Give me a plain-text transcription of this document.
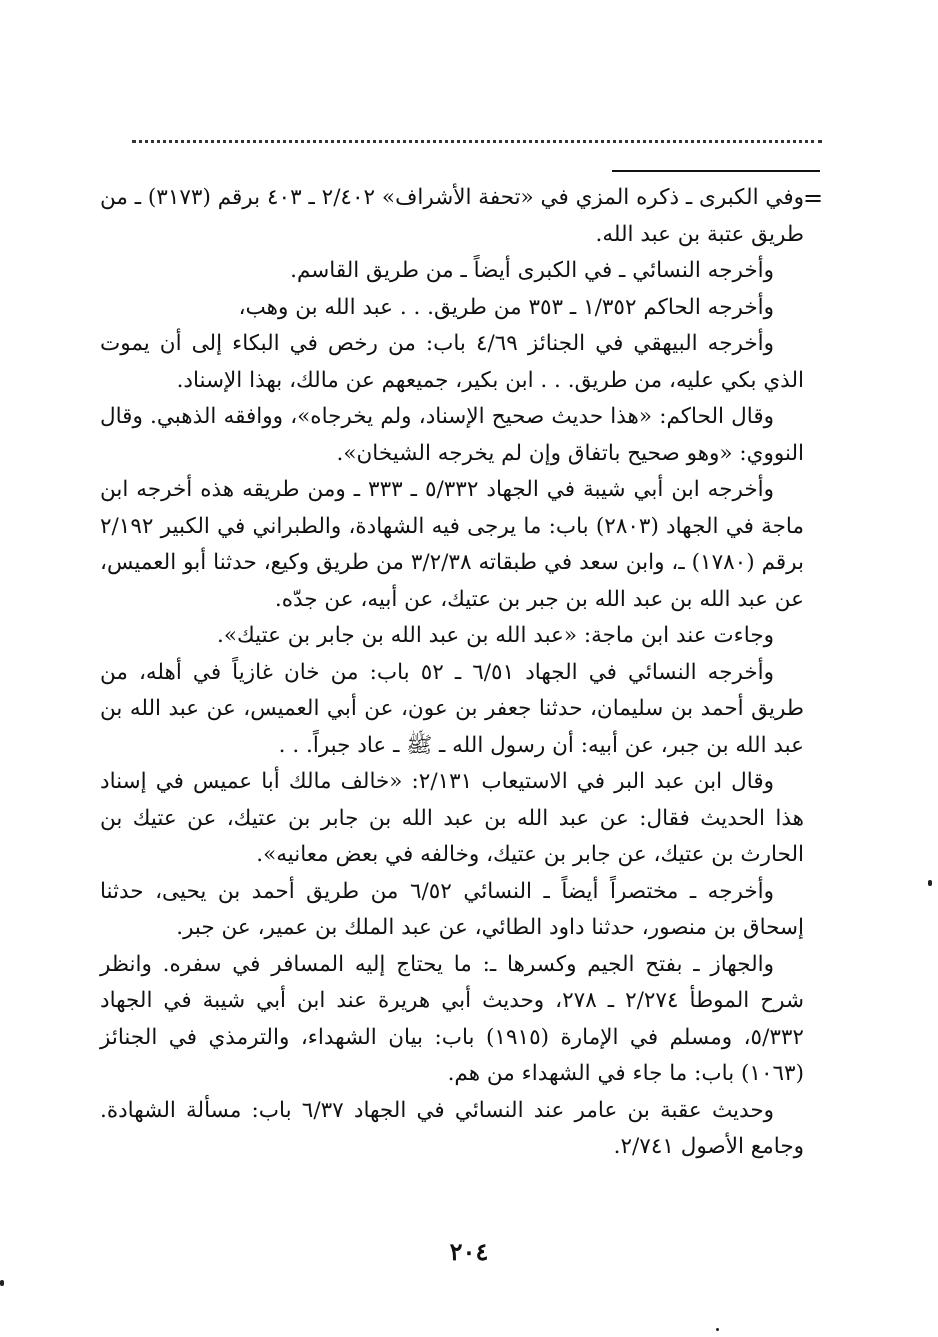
=

وفي الكبرى ـ ذكره المزي في «تحفة الأشراف» ٢/٤٠٢ ـ ٤٠٣ برقم (٣١٧٣) ـ من طريق عتبة بن عبد الله.

وأخرجه النسائي ـ في الكبرى أيضاً ـ من طريق القاسم.

وأخرجه الحاكم ١/٣٥٢ ـ ٣٥٣ من طريق. . . عبد الله بن وهب،

وأخرجه البيهقي في الجنائز ٤/٦٩ باب: من رخص في البكاء إلى أن يموت الذي بكي عليه، من طريق. . . ابن بكير، جميعهم عن مالك، بهذا الإسناد.

وقال الحاكم: «هذا حديث صحيح الإسناد، ولم يخرجاه»، ووافقه الذهبي. وقال النووي: «وهو صحيح باتفاق وإن لم يخرجه الشيخان».

وأخرجه ابن أبي شيبة في الجهاد ٥/٣٣٢ ـ ٣٣٣ ـ ومن طريقه هذه أخرجه ابن ماجة في الجهاد (٢٨٠٣) باب: ما يرجى فيه الشهادة، والطبراني في الكبير ٢/١٩٢ برقم (١٧٨٠) ـ، وابن سعد في طبقاته ٣/٢/٣٨ من طريق وكيع، حدثنا أبو العميس، عن عبد الله بن عبد الله بن جبر بن عتيك، عن أبيه، عن جدّه.

وجاءت عند ابن ماجة: «عبد الله بن عبد الله بن جابر بن عتيك».

وأخرجه النسائي في الجهاد ٦/٥١ ـ ٥٢ باب: من خان غازياً في أهله، من طريق أحمد بن سليمان، حدثنا جعفر بن عون، عن أبي العميس، عن عبد الله بن عبد الله بن جبر، عن أبيه: أن رسول الله ـ ﷺ ـ عاد جبراً. . .

وقال ابن عبد البر في الاستيعاب ٢/١٣١: «خالف مالك أبا عميس في إسناد هذا الحديث فقال: عن عبد الله بن عبد الله بن جابر بن عتيك، عن عتيك بن الحارث بن عتيك، عن جابر بن عتيك، وخالفه في بعض معانيه».

وأخرجه ـ مختصراً أيضاً ـ النسائي ٦/٥٢ من طريق أحمد بن يحيى، حدثنا إسحاق بن منصور، حدثنا داود الطائي، عن عبد الملك بن عمير، عن جبر.

والجهاز ـ بفتح الجيم وكسرها ـ: ما يحتاج إليه المسافر في سفره. وانظر شرح الموطأ ٢/٢٧٤ ـ ٢٧٨، وحديث أبي هريرة عند ابن أبي شيبة في الجهاد ٥/٣٣٢، ومسلم في الإمارة (١٩١٥) باب: بيان الشهداء، والترمذي في الجنائز (١٠٦٣) باب: ما جاء في الشهداء من هم.

وحديث عقبة بن عامر عند النسائي في الجهاد ٦/٣٧ باب: مسألة الشهادة. وجامع الأصول ٢/٧٤١.

٢٠٤
